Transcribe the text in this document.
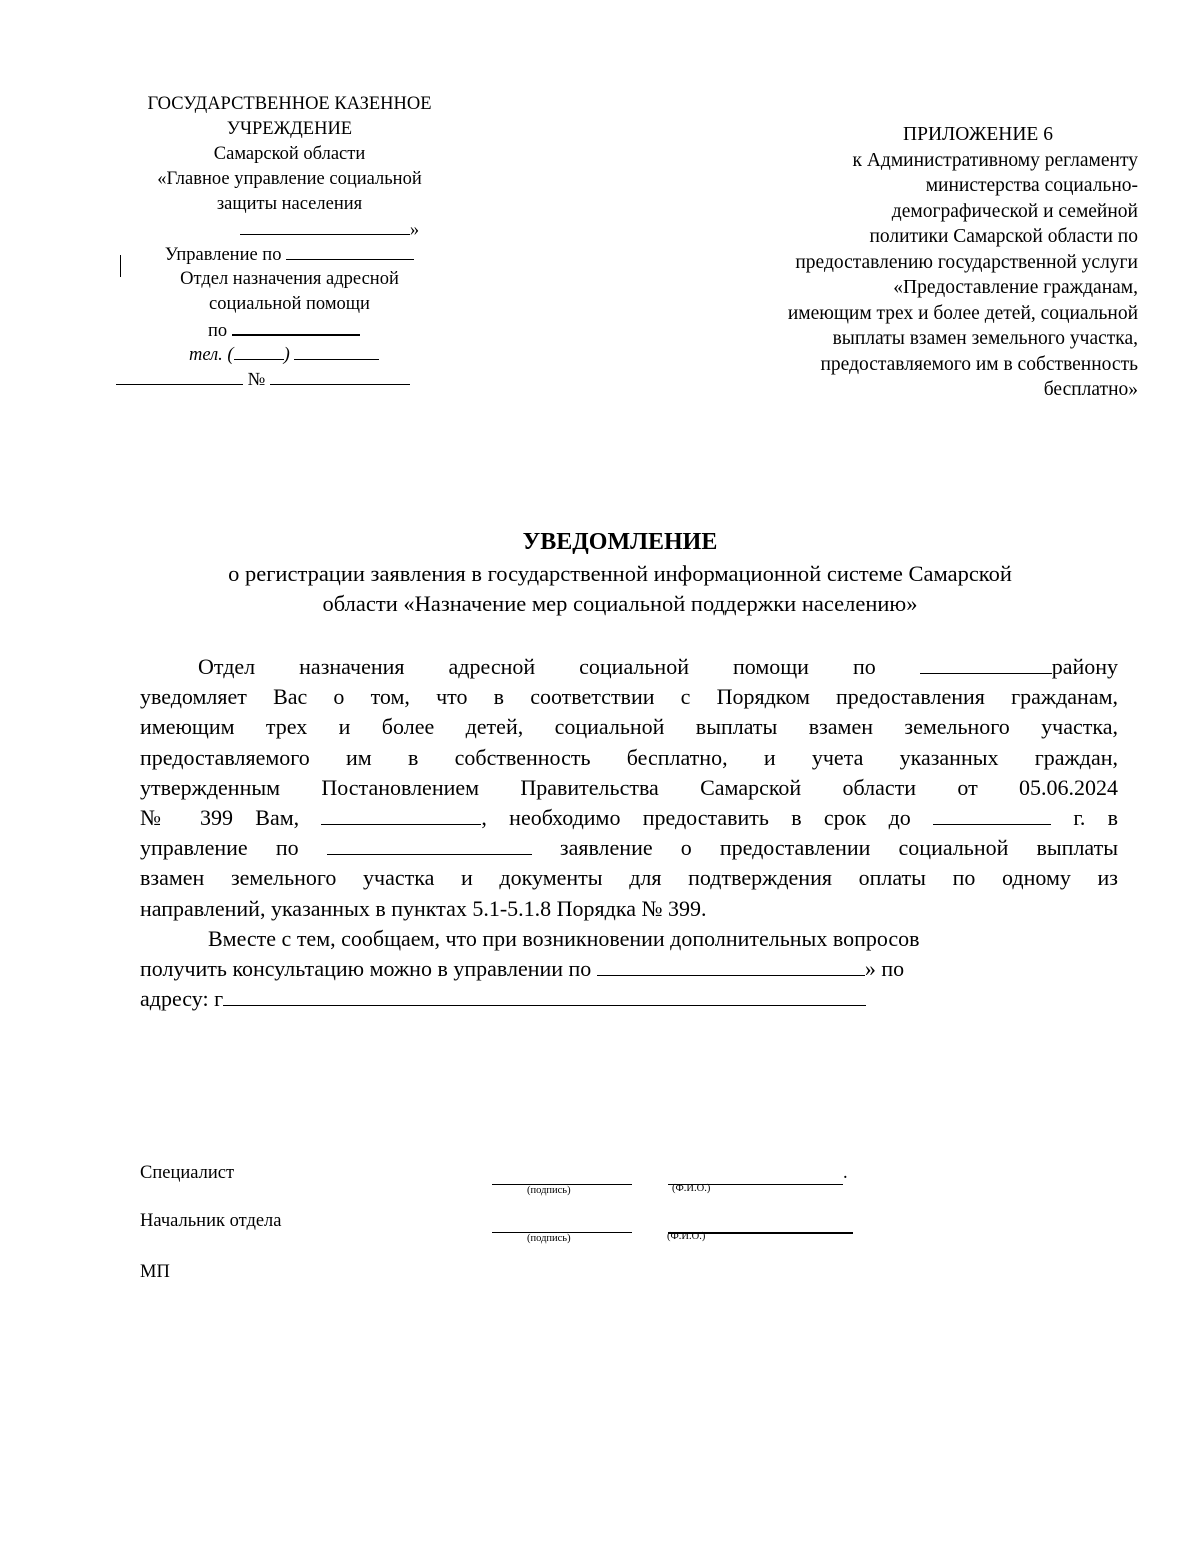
ГОСУДАРСТВЕННОЕ КАЗЕННОЕ
УЧРЕЖДЕНИЕ
Самарской области
«Главное управление социальной
защиты населения
»
Управление по
Отдел назначения адресной
социальной помощи
по
тел. (	)
№
ПРИЛОЖЕНИЕ 6
к Административному регламенту
министерства социально-
демографической и семейной
политики Самарской области по
предоставлению государственной услуги
«Предоставление гражданам,
имеющим трех и более детей, социальной
выплаты взамен земельного участка,
предоставляемого им в собственность
бесплатно»
УВЕДОМЛЕНИЕ
о регистрации заявления в государственной информационной системе Самарской
области «Назначение мер социальной поддержки населению»
Отдел назначения адресной социальной помощи по	району
уведомляет Вас о том, что в соответствии с Порядком предоставления гражданам,
имеющим трех и более детей, социальной выплаты взамен земельного участка,
предоставляемого им в собственность бесплатно, и учета указанных граждан,
утвержденным Постановлением Правительства Самарской области от 05.06.2024
№ 399 Вам,	, необходимо предоставить в срок до	г. в
управление по	заявление о предоставлении социальной выплаты
взамен земельного участка и документы для подтверждения оплаты по одному из
направлений, указанных в пунктах 5.1-5.1.8 Порядка № 399.
Вместе с тем, сообщаем, что при возникновении дополнительных вопросов
получить консультацию можно в управлении по	» по
адресу: г
Специалист	.
(подпись)	(Ф.И.О.)
Начальник отдела
(подпись)	(Ф.И.О.)
МП
